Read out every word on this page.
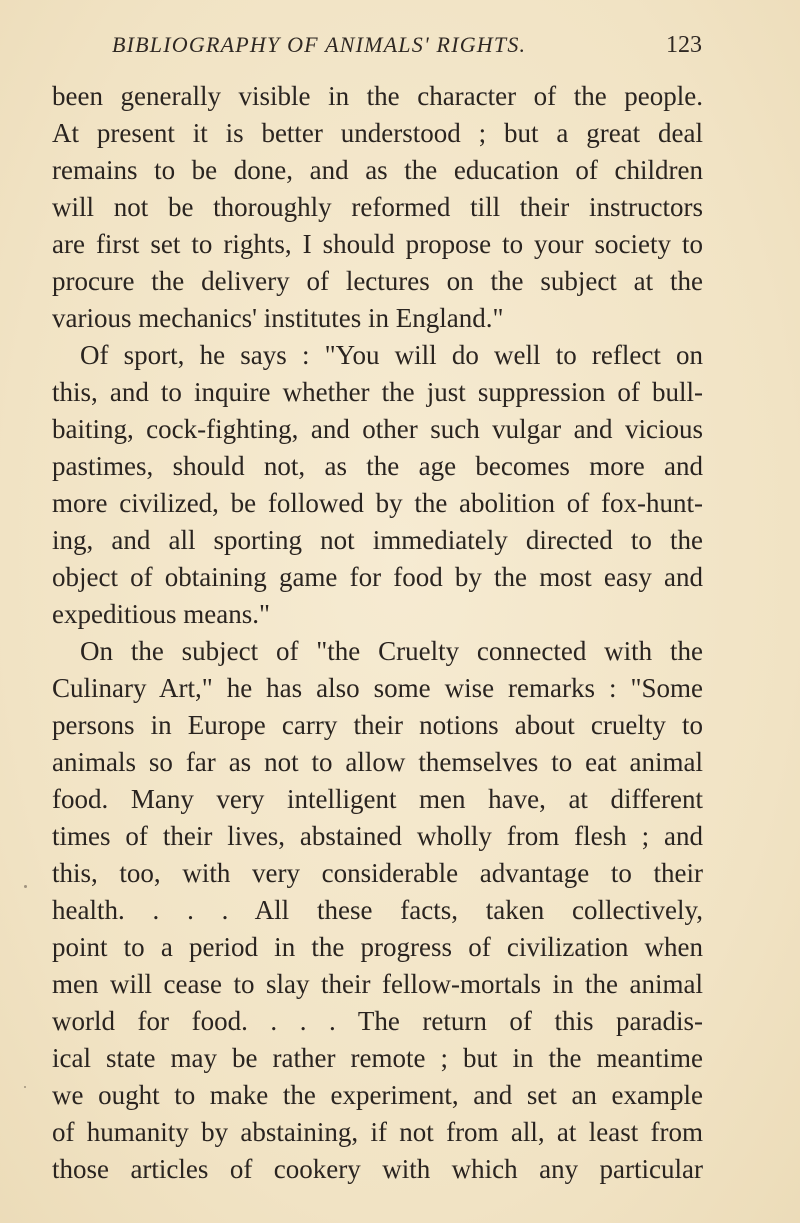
BIBLIOGRAPHY OF ANIMALS' RIGHTS.	123
been generally visible in the character of the people.
At present it is better understood ; but a great deal
remains to be done, and as the education of children
will not be thoroughly reformed till their instructors
are first set to rights, I should propose to your society to
procure the delivery of lectures on the subject at the
various mechanics' institutes in England."
Of sport, he says : "You will do well to reflect on
this, and to inquire whether the just suppression of bull-
baiting, cock-fighting, and other such vulgar and vicious
pastimes, should not, as the age becomes more and
more civilized, be followed by the abolition of fox-hunt-
ing, and all sporting not immediately directed to the
object of obtaining game for food by the most easy and
expeditious means."
On the subject of "the Cruelty connected with the
Culinary Art," he has also some wise remarks : "Some
persons in Europe carry their notions about cruelty to
animals so far as not to allow themselves to eat animal
food. Many very intelligent men have, at different
times of their lives, abstained wholly from flesh ; and
this, too, with very considerable advantage to their
health. . . . All these facts, taken collectively,
point to a period in the progress of civilization when
men will cease to slay their fellow-mortals in the animal
world for food. . . . The return of this paradis-
ical state may be rather remote ; but in the meantime
we ought to make the experiment, and set an example
of humanity by abstaining, if not from all, at least from
those articles of cookery with which any particular
